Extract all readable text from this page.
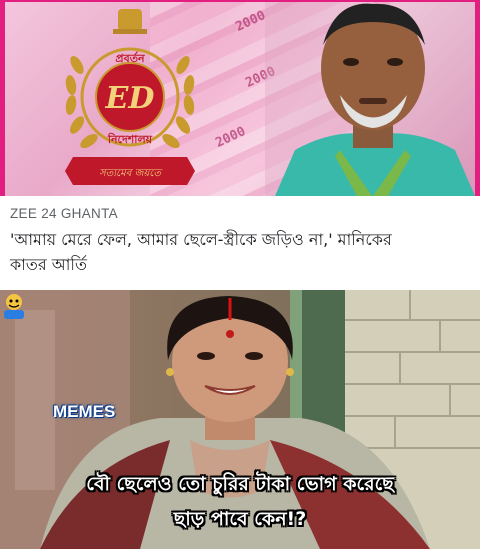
2000
2000
2000
ED
প্রবর্তন
নিদেশালয়
সত্যমেব জয়তে
ZEE 24 GHANTA
'আমায় মেরে ফেল, আমার ছেলে-স্ত্রীকে জড়িও না,' মানিকের
কাতর আর্তি
MEMES
বৌ ছেলেও তো চুরির টাকা ভোগ করেছে
ছাড় পাবে কেন!?
